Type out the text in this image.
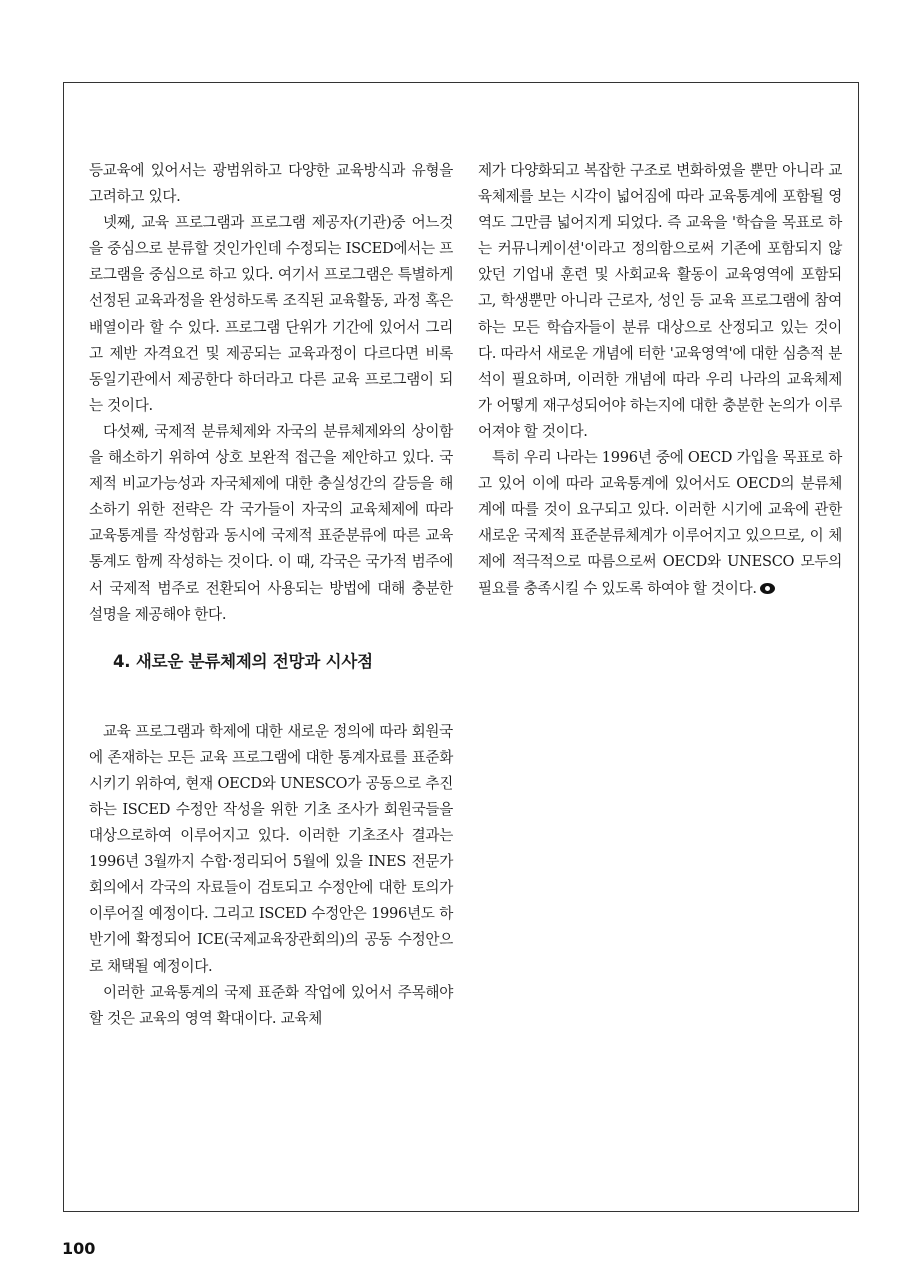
등교육에 있어서는 광범위하고 다양한 교육방식과 유형을 고려하고 있다.

넷째, 교육 프로그램과 프로그램 제공자(기관)중 어느것을 중심으로 분류할 것인가인데 수정되는 ISCED에서는 프로그램을 중심으로 하고 있다. 여기서 프로그램은 특별하게 선정된 교육과정을 완성하도록 조직된 교육활동, 과정 혹은 배열이라 할 수 있다. 프로그램 단위가 기간에 있어서 그리고 제반 자격요건 및 제공되는 교육과정이 다르다면 비록 동일기관에서 제공한다 하더라고 다른 교육 프로그램이 되는 것이다.

다섯째, 국제적 분류체제와 자국의 분류체제와의 상이함을 해소하기 위하여 상호 보완적 접근을 제안하고 있다. 국제적 비교가능성과 자국체제에 대한 충실성간의 갈등을 해소하기 위한 전략은 각 국가들이 자국의 교육체제에 따라 교육통계를 작성함과 동시에 국제적 표준분류에 따른 교육통계도 함께 작성하는 것이다. 이 때, 각국은 국가적 범주에서 국제적 범주로 전환되어 사용되는 방법에 대해 충분한 설명을 제공해야 한다.

4. 새로운 분류체제의 전망과 시사점

교육 프로그램과 학제에 대한 새로운 정의에 따라 회원국에 존재하는 모든 교육 프로그램에 대한 통계자료를 표준화시키기 위하여, 현재 OECD와 UNESCO가 공동으로 추진하는 ISCED 수정안 작성을 위한 기초 조사가 회원국들을 대상으로하여 이루어지고 있다. 이러한 기초조사 결과는 1996년 3월까지 수합·정리되어 5월에 있을 INES 전문가회의에서 각국의 자료들이 검토되고 수정안에 대한 토의가 이루어질 예정이다. 그리고 ISCED 수정안은 1996년도 하반기에 확정되어 ICE(국제교육장관회의)의 공동 수정안으로 채택될 예정이다.

이러한 교육통계의 국제 표준화 작업에 있어서 주목해야 할 것은 교육의 영역 확대이다. 교육체

제가 다양화되고 복잡한 구조로 변화하였을 뿐만 아니라 교육체제를 보는 시각이 넓어짐에 따라 교육통계에 포함될 영역도 그만큼 넓어지게 되었다. 즉 교육을 '학습을 목표로 하는 커뮤니케이션'이라고 정의함으로써 기존에 포함되지 않았던 기업내 훈련 및 사회교육 활동이 교육영역에 포함되고, 학생뿐만 아니라 근로자, 성인 등 교육 프로그램에 참여하는 모든 학습자들이 분류 대상으로 산정되고 있는 것이다. 따라서 새로운 개념에 터한 '교육영역'에 대한 심층적 분석이 필요하며, 이러한 개념에 따라 우리 나라의 교육체제가 어떻게 재구성되어야 하는지에 대한 충분한 논의가 이루어져야 할 것이다.

특히 우리 나라는 1996년 중에 OECD 가입을 목표로 하고 있어 이에 따라 교육통계에 있어서도 OECD의 분류체계에 따를 것이 요구되고 있다. 이러한 시기에 교육에 관한 새로운 국제적 표준분류체계가 이루어지고 있으므로, 이 체제에 적극적으로 따름으로써 OECD와 UNESCO 모두의 필요를 충족시킬 수 있도록 하여야 할 것이다.

100
